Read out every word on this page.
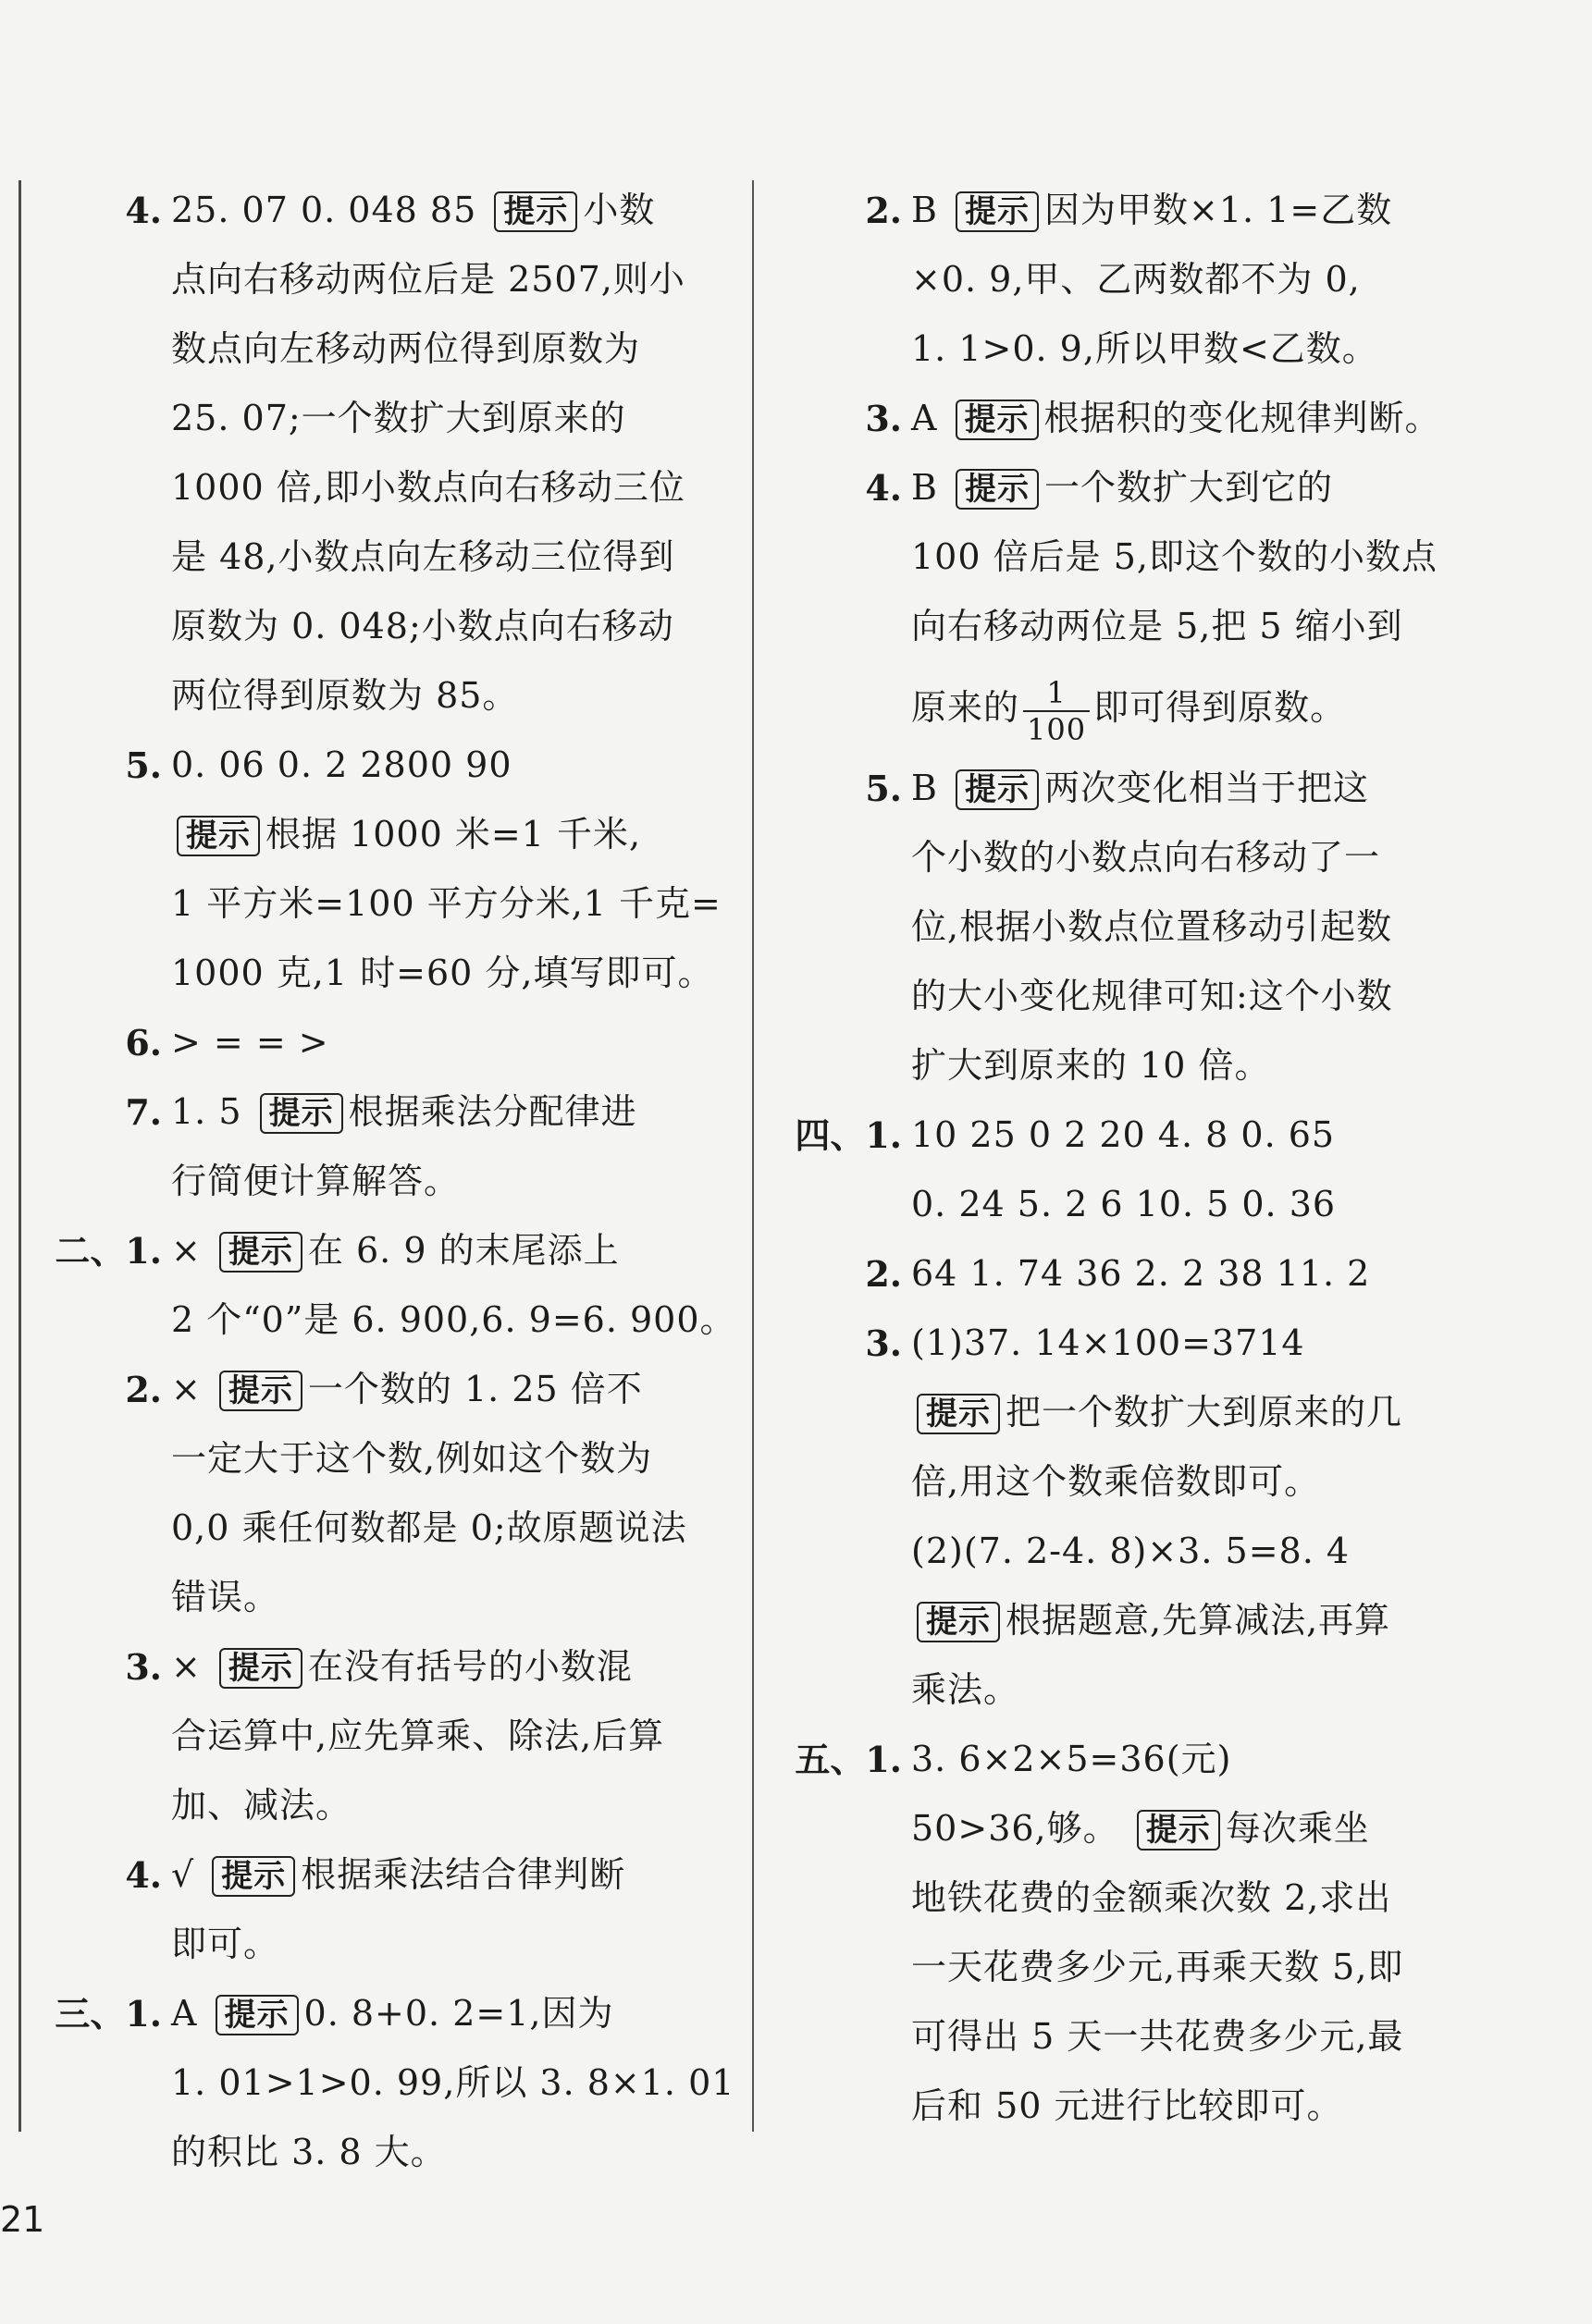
4. 25. 07 0. 048 85 提示 小数
点向右移动两位后是 2507,则小
数点向左移动两位得到原数为
25. 07;一个数扩大到原来的
1000 倍,即小数点向右移动三位
是 48,小数点向左移动三位得到
原数为 0. 048;小数点向右移动
两位得到原数为 85。
5. 0. 06 0. 2 2800 90
提示 根据 1000 米=1 千米,
1 平方米=100 平方分米,1 千克=
1000 克,1 时=60 分,填写即可。
6. > = = >
7. 1. 5 提示 根据乘法分配律进
行简便计算解答。
二、1. × 提示 在 6. 9 的末尾添上
2 个“0”是 6. 900,6. 9=6. 900。
2. × 提示 一个数的 1. 25 倍不
一定大于这个数,例如这个数为
0,0 乘任何数都是 0;故原题说法
错误。
3. × 提示 在没有括号的小数混
合运算中,应先算乘、除法,后算
加、减法。
4. √ 提示 根据乘法结合律判断
即可。
三、1. A 提示 0. 8+0. 2=1,因为
1. 01>1>0. 99,所以 3. 8×1. 01
的积比 3. 8 大。
2. B 提示 因为甲数×1. 1=乙数
×0. 9,甲、乙两数都不为 0,
1. 1>0. 9,所以甲数<乙数。
3. A 提示 根据积的变化规律判断。
4. B 提示 一个数扩大到它的
100 倍后是 5,即这个数的小数点
向右移动两位是 5,把 5 缩小到
原来的 $\frac{1}{100}$ 即可得到原数。
5. B 提示 两次变化相当于把这
个小数的小数点向右移动了一
位,根据小数点位置移动引起数
的大小变化规律可知:这个小数
扩大到原来的 10 倍。
四、1. 10 25 0 2 20 4. 8 0. 65
0. 24 5. 2 6 10. 5 0. 36
2. 64 1. 74 36 2. 2 38 11. 2
3. (1)37. 14×100=3714
提示 把一个数扩大到原来的几
倍,用这个数乘倍数即可。
(2)(7. 2-4. 8)×3. 5=8. 4
提示 根据题意,先算减法,再算
乘法。
五、1. 3. 6×2×5=36(元)
50>36,够。 提示 每次乘坐
地铁花费的金额乘次数 2,求出
一天花费多少元,再乘天数 5,即
可得出 5 天一共花费多少元,最
后和 50 元进行比较即可。
21
